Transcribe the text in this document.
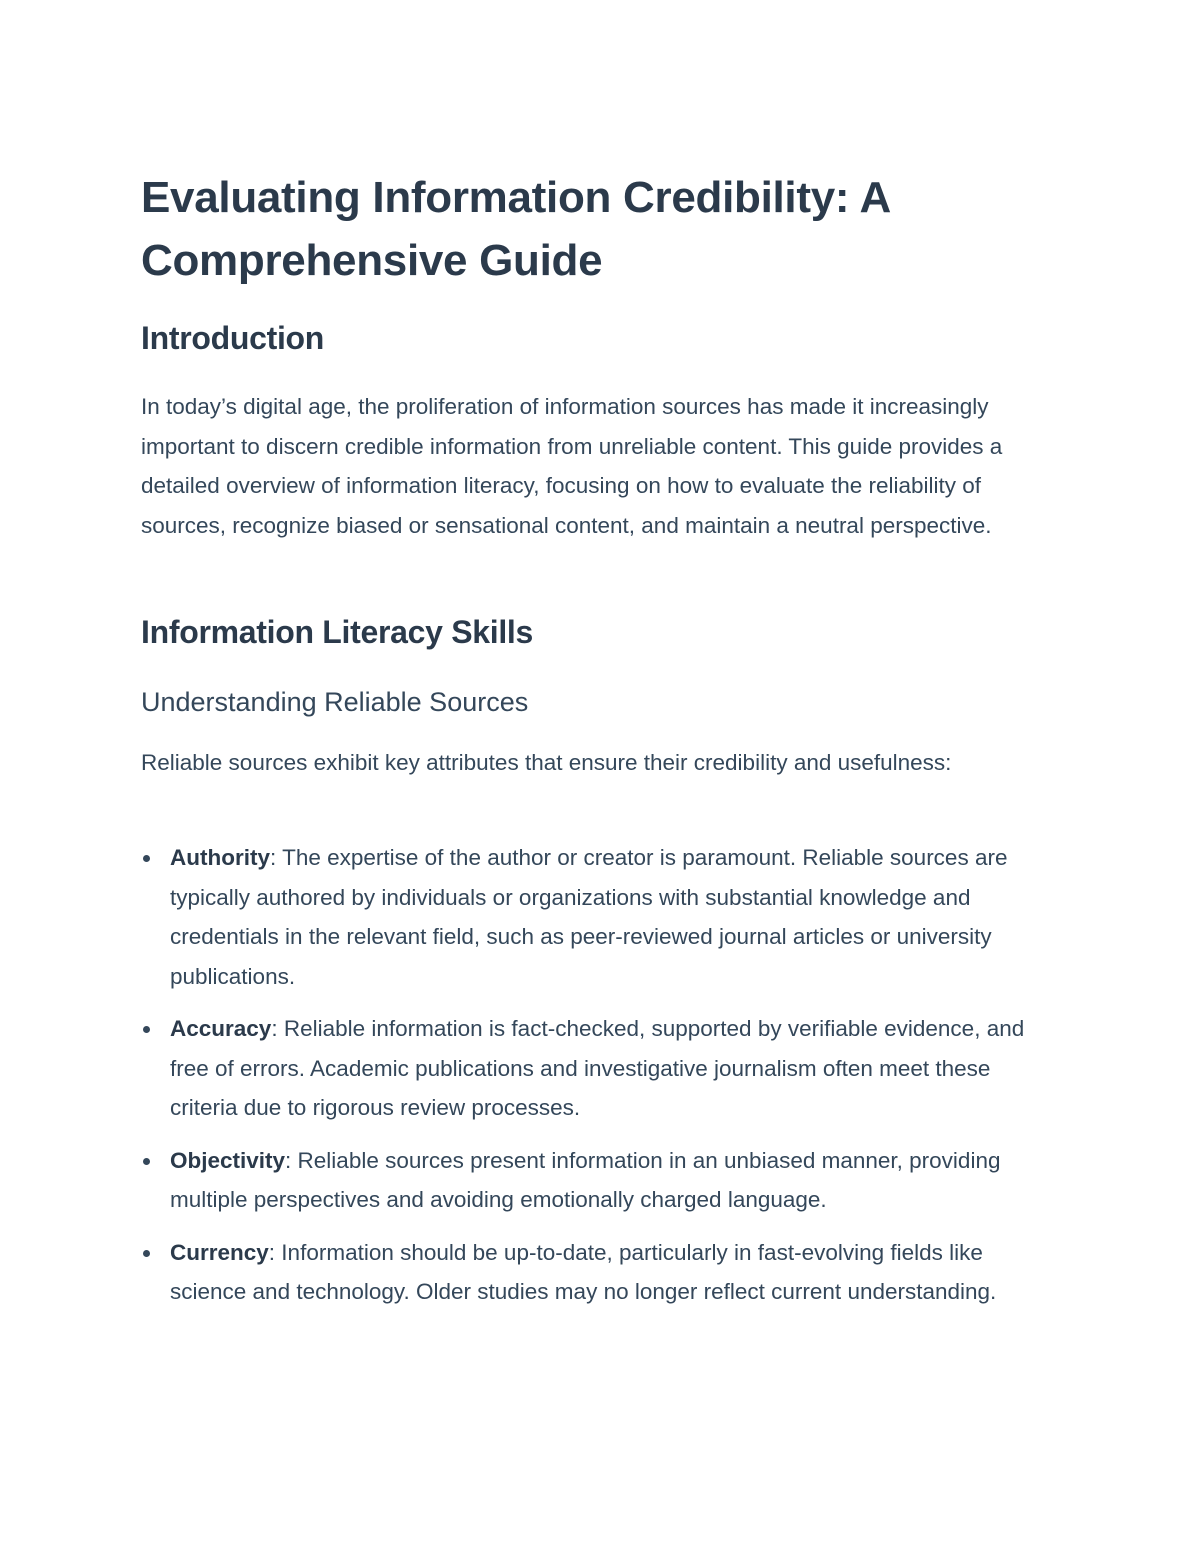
Evaluating Information Credibility: A Comprehensive Guide
Introduction

In today’s digital age, the proliferation of information sources has made it increasingly important to discern credible information from unreliable content. This guide provides a detailed overview of information literacy, focusing on how to evaluate the reliability of sources, recognize biased or sensational content, and maintain a neutral perspective.

Information Literacy Skills
Understanding Reliable Sources

Reliable sources exhibit key attributes that ensure their credibility and usefulness:

Authority: The expertise of the author or creator is paramount. Reliable sources are typically authored by individuals or organizations with substantial knowledge and credentials in the relevant field, such as peer-reviewed journal articles or university publications.
Accuracy: Reliable information is fact-checked, supported by verifiable evidence, and free of errors. Academic publications and investigative journalism often meet these criteria due to rigorous review processes.
Objectivity: Reliable sources present information in an unbiased manner, providing multiple perspectives and avoiding emotionally charged language.
Currency: Information should be up-to-date, particularly in fast-evolving fields like science and technology. Older studies may no longer reflect current understanding.
